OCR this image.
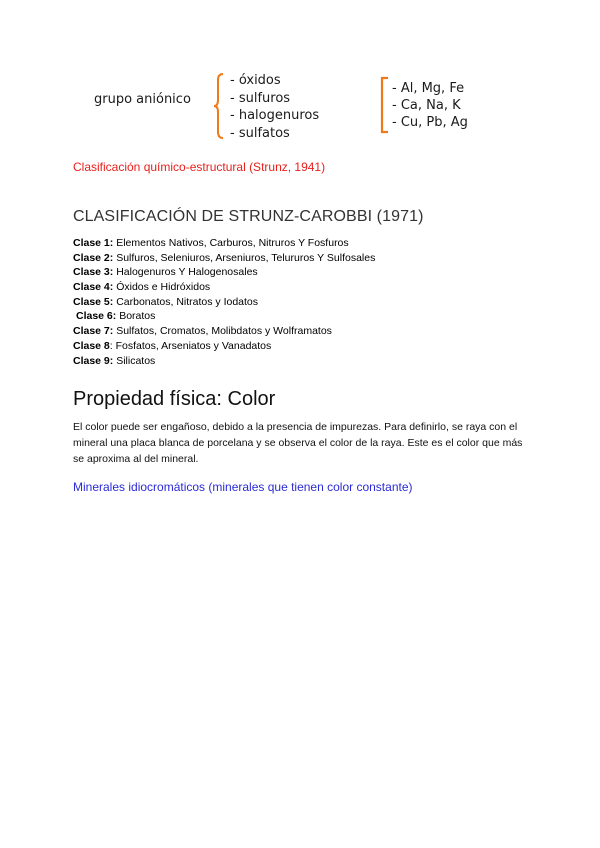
grupo aniónico
- óxidos
- sulfuros
- halogenuros
- sulfatos
- Al, Mg, Fe
- Ca, Na, K
- Cu, Pb, Ag
Clasificación químico-estructural (Strunz, 1941)
CLASIFICACIÓN DE STRUNZ-CAROBBI (1971)
Clase 1: Elementos Nativos, Carburos, Nitruros Y Fosfuros
Clase 2: Sulfuros, Seleniuros, Arseniuros, Telururos Y Sulfosales
Clase 3: Halogenuros Y Halogenosales
Clase 4: Óxidos e Hidróxidos
Clase 5: Carbonatos, Nitratos y Iodatos
Clase 6: Boratos
Clase 7: Sulfatos, Cromatos, Molibdatos y Wolframatos
Clase 8: Fosfatos, Arseniatos y Vanadatos
Clase 9: Silicatos
Propiedad física: Color

El color puede ser engañoso, debido a la presencia de impurezas. Para definirlo, se raya con el mineral una placa blanca de porcelana y se observa el color de la raya. Este es el color que más se aproxima al del mineral.

Minerales idiocromáticos (minerales que tienen color constante)
